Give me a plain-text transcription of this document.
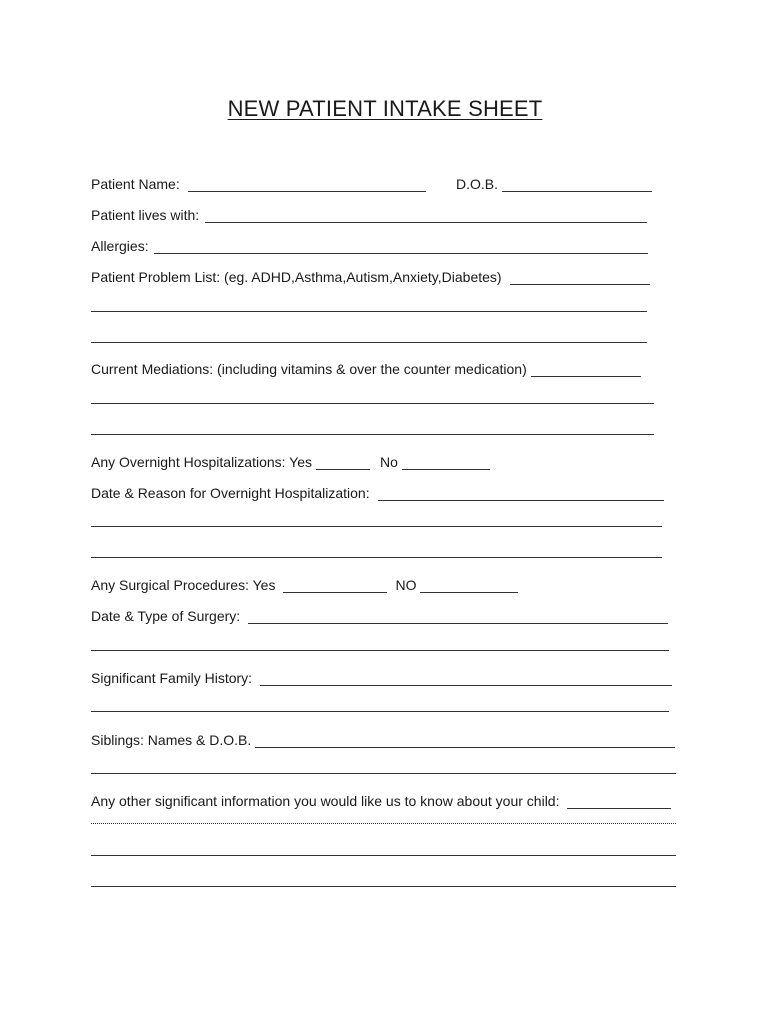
NEW PATIENT INTAKE SHEET
Patient Name:	D.O.B.
Patient lives with:
Allergies:
Patient Problem List: (eg. ADHD,Asthma,Autism,Anxiety,Diabetes)
Current Mediations: (including vitamins & over the counter medication)
Any Overnight Hospitalizations: Yes	No
Date & Reason for Overnight Hospitalization:
Any Surgical Procedures: Yes	NO
Date & Type of Surgery:
Significant Family History:
Siblings: Names & D.O.B.
Any other significant information you would like us to know about your child:
